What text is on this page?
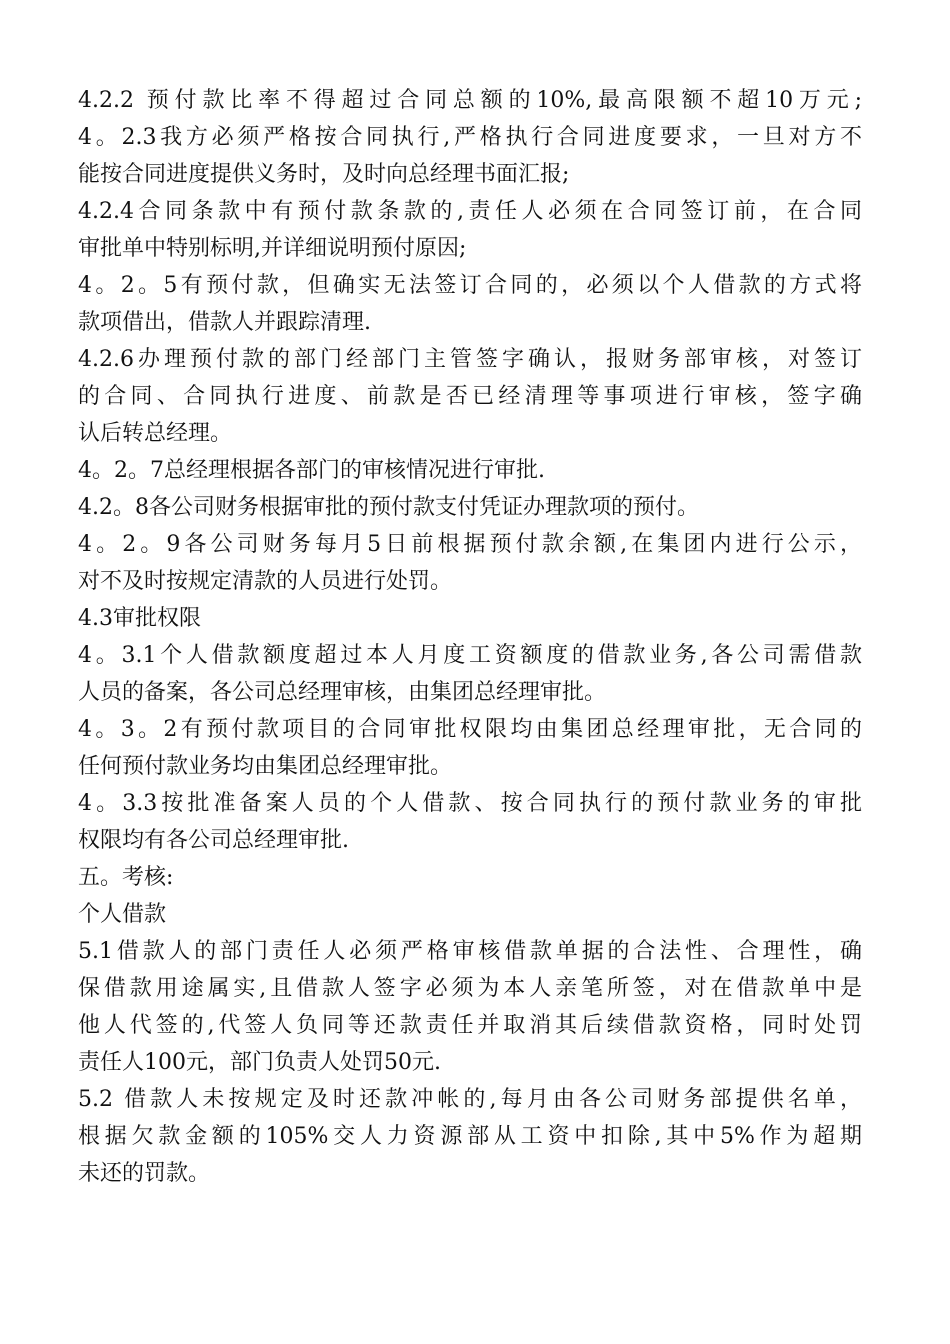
4.2.2 预付款比率不得超过合同总额的10%,最高限额不超10万元;
4。2.3我方必须严格按合同执行,严格执行合同进度要求，一旦对方不
能按合同进度提供义务时，及时向总经理书面汇报;
4.2.4合同条款中有预付款条款的,责任人必须在合同签订前，在合同
审批单中特别标明,并详细说明预付原因;
4。2。5有预付款，但确实无法签订合同的，必须以个人借款的方式将
款项借出，借款人并跟踪清理.
4.2.6办理预付款的部门经部门主管签字确认，报财务部审核，对签订
的合同、合同执行进度、前款是否已经清理等事项进行审核，签字确
认后转总经理。
4。2。7总经理根据各部门的审核情况进行审批.
4.2。8各公司财务根据审批的预付款支付凭证办理款项的预付。
4。2。9各公司财务每月5日前根据预付款余额,在集团内进行公示，
对不及时按规定清款的人员进行处罚。
4.3审批权限
4。3.1个人借款额度超过本人月度工资额度的借款业务,各公司需借款
人员的备案，各公司总经理审核，由集团总经理审批。
4。3。2有预付款项目的合同审批权限均由集团总经理审批，无合同的
任何预付款业务均由集团总经理审批。
4。3.3按批准备案人员的个人借款、按合同执行的预付款业务的审批
权限均有各公司总经理审批.
五。考核:
个人借款
5.1借款人的部门责任人必须严格审核借款单据的合法性、合理性，确
保借款用途属实,且借款人签字必须为本人亲笔所签，对在借款单中是
他人代签的,代签人负同等还款责任并取消其后续借款资格，同时处罚
责任人100元，部门负责人处罚50元.
5.2 借款人未按规定及时还款冲帐的,每月由各公司财务部提供名单，
根据欠款金额的105%交人力资源部从工资中扣除,其中5%作为超期
未还的罚款。
